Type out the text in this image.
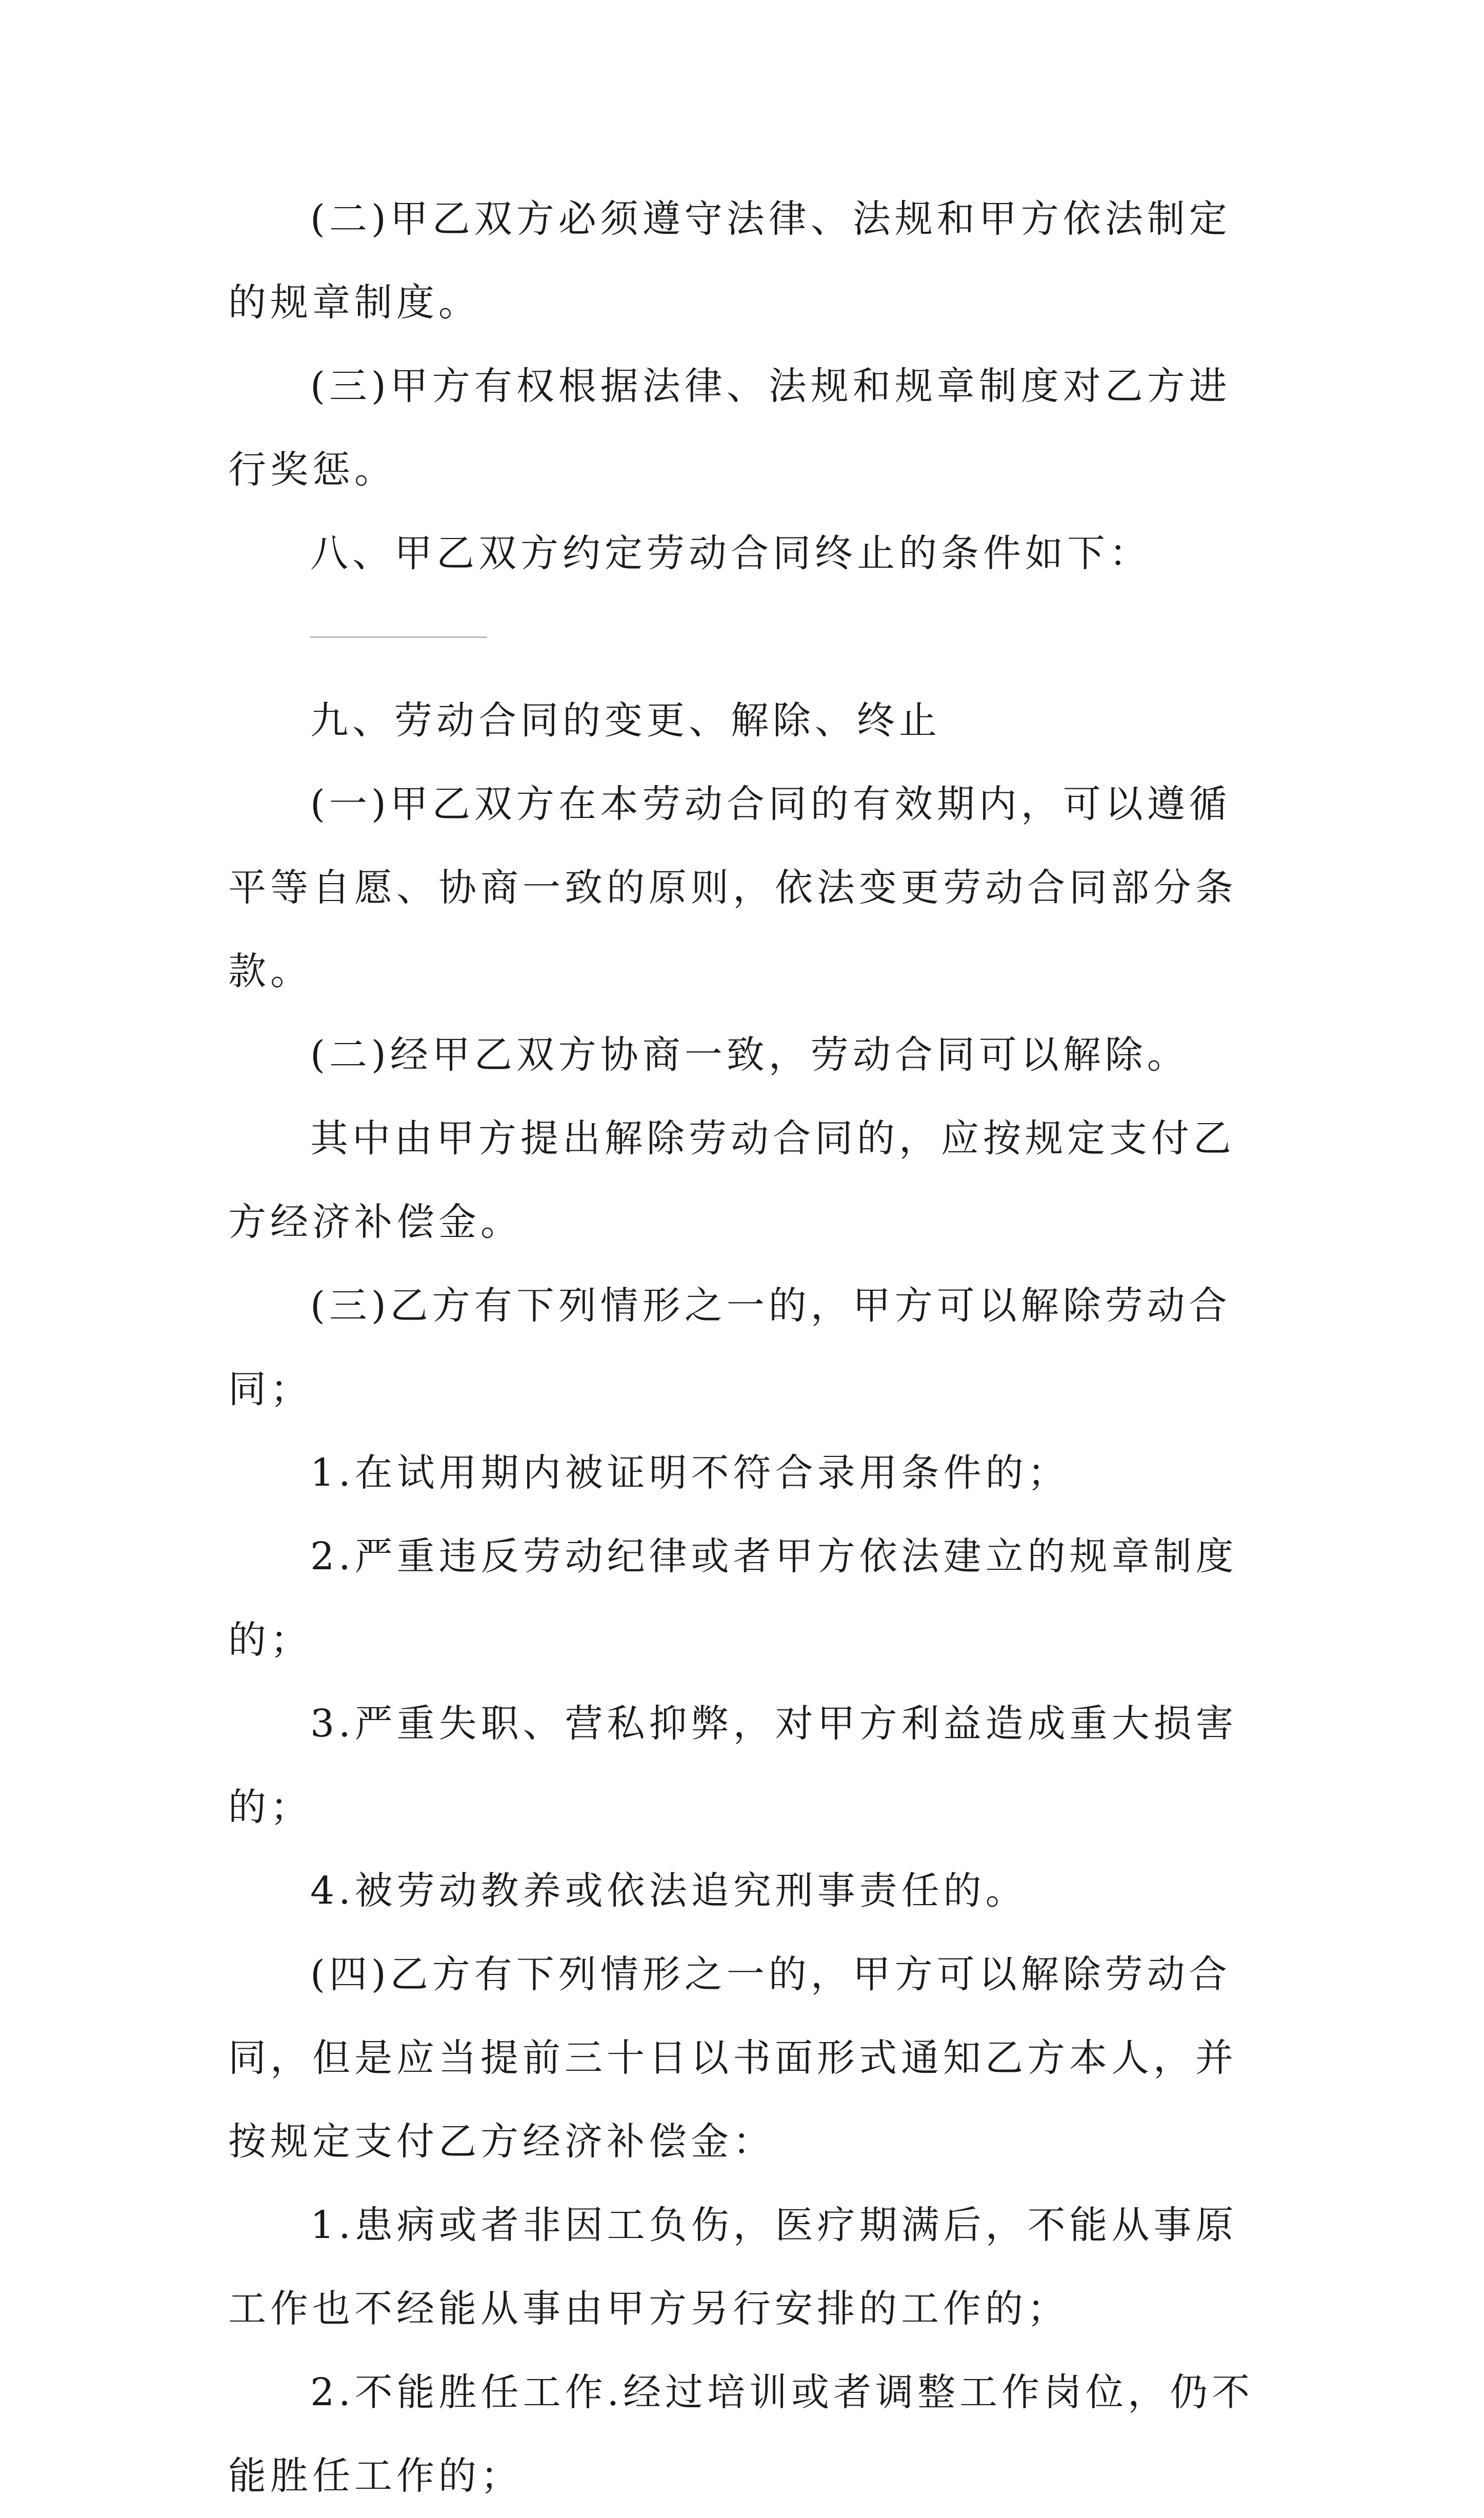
(二)甲乙双方必须遵守法律、法规和甲方依法制定的规章制度。

(三)甲方有权根据法律、法规和规章制度对乙方进行奖惩。

八、甲乙双方约定劳动合同终止的条件如下：

九、劳动合同的变更、解除、终止

(一)甲乙双方在本劳动合同的有效期内，可以遵循平等自愿、协商一致的原则，依法变更劳动合同部分条款。

(二)经甲乙双方协商一致，劳动合同可以解除。

其中由甲方提出解除劳动合同的，应按规定支付乙方经济补偿金。

(三)乙方有下列情形之一的，甲方可以解除劳动合同；

1.在试用期内被证明不符合录用条件的；

2.严重违反劳动纪律或者甲方依法建立的规章制度的；

3.严重失职、营私抑弊，对甲方利益造成重大损害的；

4.被劳动教养或依法追究刑事责任的。

(四)乙方有下列情形之一的，甲方可以解除劳动合同，但是应当提前三十日以书面形式通知乙方本人，并按规定支付乙方经济补偿金：

1.患病或者非因工负伤，医疗期满后，不能从事原工作也不经能从事由甲方另行安排的工作的；

2.不能胜任工作.经过培训或者调整工作岗位，仍不能胜任工作的；
